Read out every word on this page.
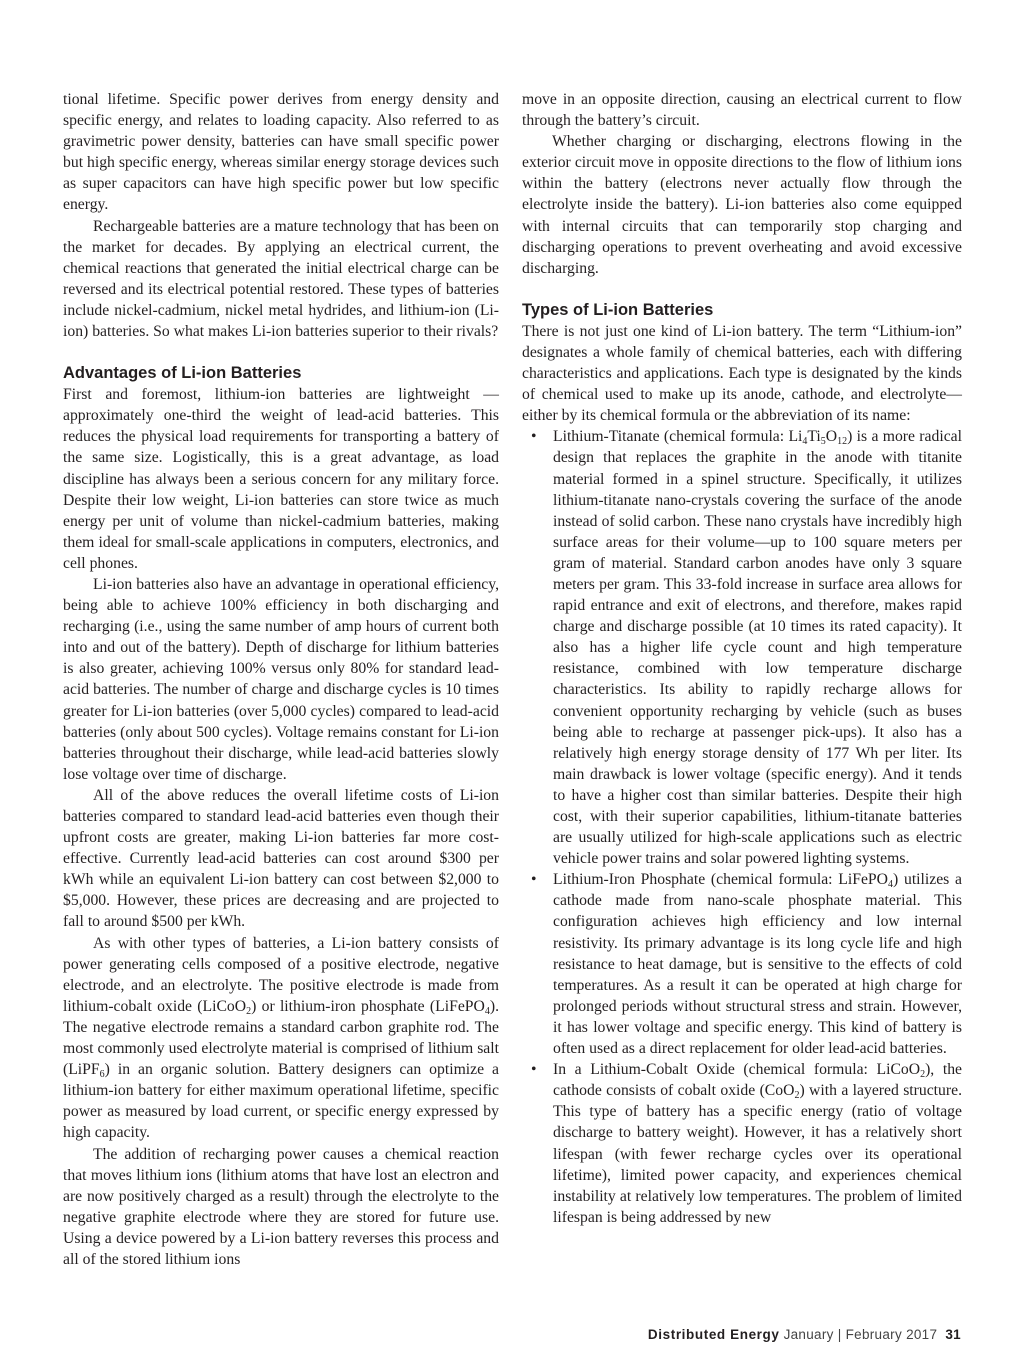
tional lifetime. Specific power derives from energy density and specific energy, and relates to loading capacity. Also referred to as gravimetric power density, batteries can have small specific power but high specific energy, whereas similar energy storage devices such as super capacitors can have high specific power but low specific energy.

Rechargeable batteries are a mature technology that has been on the market for decades. By applying an electrical current, the chemical reactions that generated the initial electrical charge can be reversed and its electrical potential restored. These types of batteries include nickel-cadmium, nickel metal hydrides, and lithium-ion (Li-ion) batteries. So what makes Li-ion batteries superior to their rivals?

Advantages of Li-ion Batteries

First and foremost, lithium-ion batteries are lightweight —approximately one-third the weight of lead-acid batteries. This reduces the physical load requirements for transporting a battery of the same size. Logistically, this is a great advantage, as load discipline has always been a serious concern for any military force. Despite their low weight, Li-ion batteries can store twice as much energy per unit of volume than nickel-cadmium batteries, making them ideal for small-scale applications in computers, electronics, and cell phones.

Li-ion batteries also have an advantage in operational efficiency, being able to achieve 100% efficiency in both discharging and recharging (i.e., using the same number of amp hours of current both into and out of the battery). Depth of discharge for lithium batteries is also greater, achieving 100% versus only 80% for standard lead-acid batteries. The number of charge and discharge cycles is 10 times greater for Li-ion batteries (over 5,000 cycles) compared to lead-acid batteries (only about 500 cycles). Voltage remains constant for Li-ion batteries throughout their discharge, while lead-acid batteries slowly lose voltage over time of discharge.

All of the above reduces the overall lifetime costs of Li-ion batteries compared to standard lead-acid batteries even though their upfront costs are greater, making Li-ion batteries far more cost-effective. Currently lead-acid batteries can cost around $300 per kWh while an equivalent Li-ion battery can cost between $2,000 to $5,000. However, these prices are decreasing and are projected to fall to around $500 per kWh.

As with other types of batteries, a Li-ion battery consists of power generating cells composed of a positive electrode, negative electrode, and an electrolyte. The positive electrode is made from lithium-cobalt oxide (LiCoO$_2$) or lithium-iron phosphate (LiFePO$_4$). The negative electrode remains a standard carbon graphite rod. The most commonly used electrolyte material is comprised of lithium salt (LiPF$_6$) in an organic solution. Battery designers can optimize a lithium-ion battery for either maximum operational lifetime, specific power as measured by load current, or specific energy expressed by high capacity.

The addition of recharging power causes a chemical reaction that moves lithium ions (lithium atoms that have lost an electron and are now positively charged as a result) through the electrolyte to the negative graphite electrode where they are stored for future use. Using a device powered by a Li-ion battery reverses this process and all of the stored lithium ions

move in an opposite direction, causing an electrical current to flow through the battery’s circuit.

Whether charging or discharging, electrons flowing in the exterior circuit move in opposite directions to the flow of lithium ions within the battery (electrons never actually flow through the electrolyte inside the battery). Li-ion batteries also come equipped with internal circuits that can temporarily stop charging and discharging operations to prevent overheating and avoid excessive discharging.

Types of Li-ion Batteries

There is not just one kind of Li-ion battery. The term “Lithium-ion” designates a whole family of chemical batteries, each with differing characteristics and applications. Each type is designated by the kinds of chemical used to make up its anode, cathode, and electrolyte—either by its chemical formula or the abbreviation of its name:

• Lithium-Titanate (chemical formula: $Li_4Ti_5O_{12}$) is a more radical design that replaces the graphite in the anode with titanite material formed in a spinel structure. Specifically, it utilizes lithium-titanate nano-crystals covering the surface of the anode instead of solid carbon. These nano crystals have incredibly high surface areas for their volume—up to 100 square meters per gram of material. Standard carbon anodes have only 3 square meters per gram. This 33-fold increase in surface area allows for rapid entrance and exit of electrons, and therefore, makes rapid charge and discharge possible (at 10 times its rated capacity). It also has a higher life cycle count and high temperature resistance, combined with low temperature discharge characteristics. Its ability to rapidly recharge allows for convenient opportunity recharging by vehicle (such as buses being able to recharge at passenger pick-ups). It also has a relatively high energy storage density of 177 Wh per liter. Its main drawback is lower voltage (specific energy). And it tends to have a higher cost than similar batteries. Despite their high cost, with their superior capabilities, lithium-titanate batteries are usually utilized for high-scale applications such as electric vehicle power trains and solar powered lighting systems.
• Lithium-Iron Phosphate (chemical formula: LiFePO$_4$) utilizes a cathode made from nano-scale phosphate material. This configuration achieves high efficiency and low internal resistivity. Its primary advantage is its long cycle life and high resistance to heat damage, but is sensitive to the effects of cold temperatures. As a result it can be operated at high charge for prolonged periods without structural stress and strain. However, it has lower voltage and specific energy. This kind of battery is often used as a direct replacement for older lead-acid batteries.
• In a Lithium-Cobalt Oxide (chemical formula: LiCoO$_2$), the cathode consists of cobalt oxide (CoO$_2$) with a layered structure. This type of battery has a specific energy (ratio of voltage discharge to battery weight). However, it has a relatively short lifespan (with fewer recharge cycles over its operational lifetime), limited power capacity, and experiences chemical instability at relatively low temperatures. The problem of limited lifespan is being addressed by new
Distributed Energy January | February 2017 31
